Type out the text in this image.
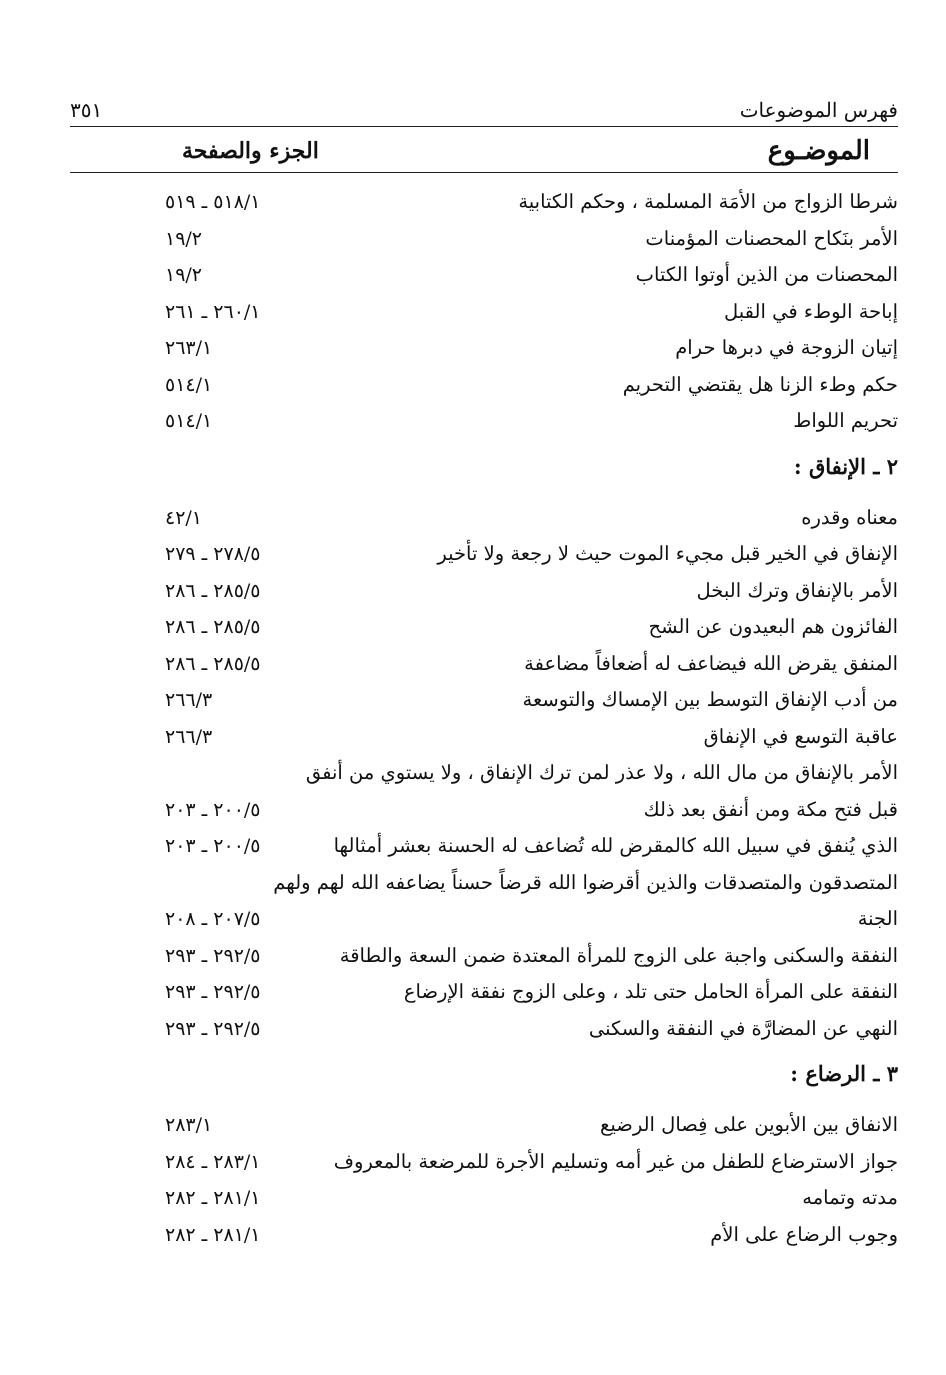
فهرس الموضوعات
٣٥١
الموضـوع
الجزء والصفحة
شرطا الزواج من الأمَة المسلمة ، وحكم الكتابية
٥١٨/١ ـ ٥١٩
الأمر بنَكاح المحصنات المؤمنات
١٩/٢
المحصنات من الذين أوتوا الكتاب
١٩/٢
إباحة الوطء في القبل
٢٦٠/١ ـ ٢٦١
إتيان الزوجة في دبرها حرام
٢٦٣/١
حكم وطء الزنا هل يقتضي التحريم
٥١٤/١
تحريم اللواط
٥١٤/١
٢ ـ الإنفاق :
معناه وقدره
٤٢/١
الإنفاق في الخير قبل مجيء الموت حيث لا رجعة ولا تأخير
٢٧٨/٥ ـ ٢٧٩
الأمر بالإنفاق وترك البخل
٢٨٥/٥ ـ ٢٨٦
الفائزون هم البعيدون عن الشح
٢٨٥/٥ ـ ٢٨٦
المنفق يقرض الله فيضاعف له أضعافاً مضاعفة
٢٨٥/٥ ـ ٢٨٦
من أدب الإنفاق التوسط بين الإمساك والتوسعة
٢٦٦/٣
عاقبة التوسع في الإنفاق
٢٦٦/٣
الأمر بالإنفاق من مال الله ، ولا عذر لمن ترك الإنفاق ، ولا يستوي من أنفق
قبل فتح مكة ومن أنفق بعد ذلك
٢٠٠/٥ ـ ٢٠٣
الذي يُنفق في سبيل الله كالمقرض لله تُضاعف له الحسنة بعشر أمثالها
٢٠٠/٥ ـ ٢٠٣
المتصدقون والمتصدقات والذين أقرضوا الله قرضاً حسناً يضاعفه الله لهم ولهم
الجنة
٢٠٧/٥ ـ ٢٠٨
النفقة والسكنى واجبة على الزوج للمرأة المعتدة ضمن السعة والطاقة
٢٩٢/٥ ـ ٢٩٣
النفقة على المرأة الحامل حتى تلد ، وعلى الزوج نفقة الإرضاع
٢٩٢/٥ ـ ٢٩٣
النهي عن المضارَّة في النفقة والسكنى
٢٩٢/٥ ـ ٢٩٣
٣ ـ الرضاع :
الانفاق بين الأبوين على فِصال الرضيع
٢٨٣/١
جواز الاسترضاع للطفل من غير أمه وتسليم الأجرة للمرضعة بالمعروف
٢٨٣/١ ـ ٢٨٤
مدته وتمامه
٢٨١/١ ـ ٢٨٢
وجوب الرضاع على الأم
٢٨١/١ ـ ٢٨٢
